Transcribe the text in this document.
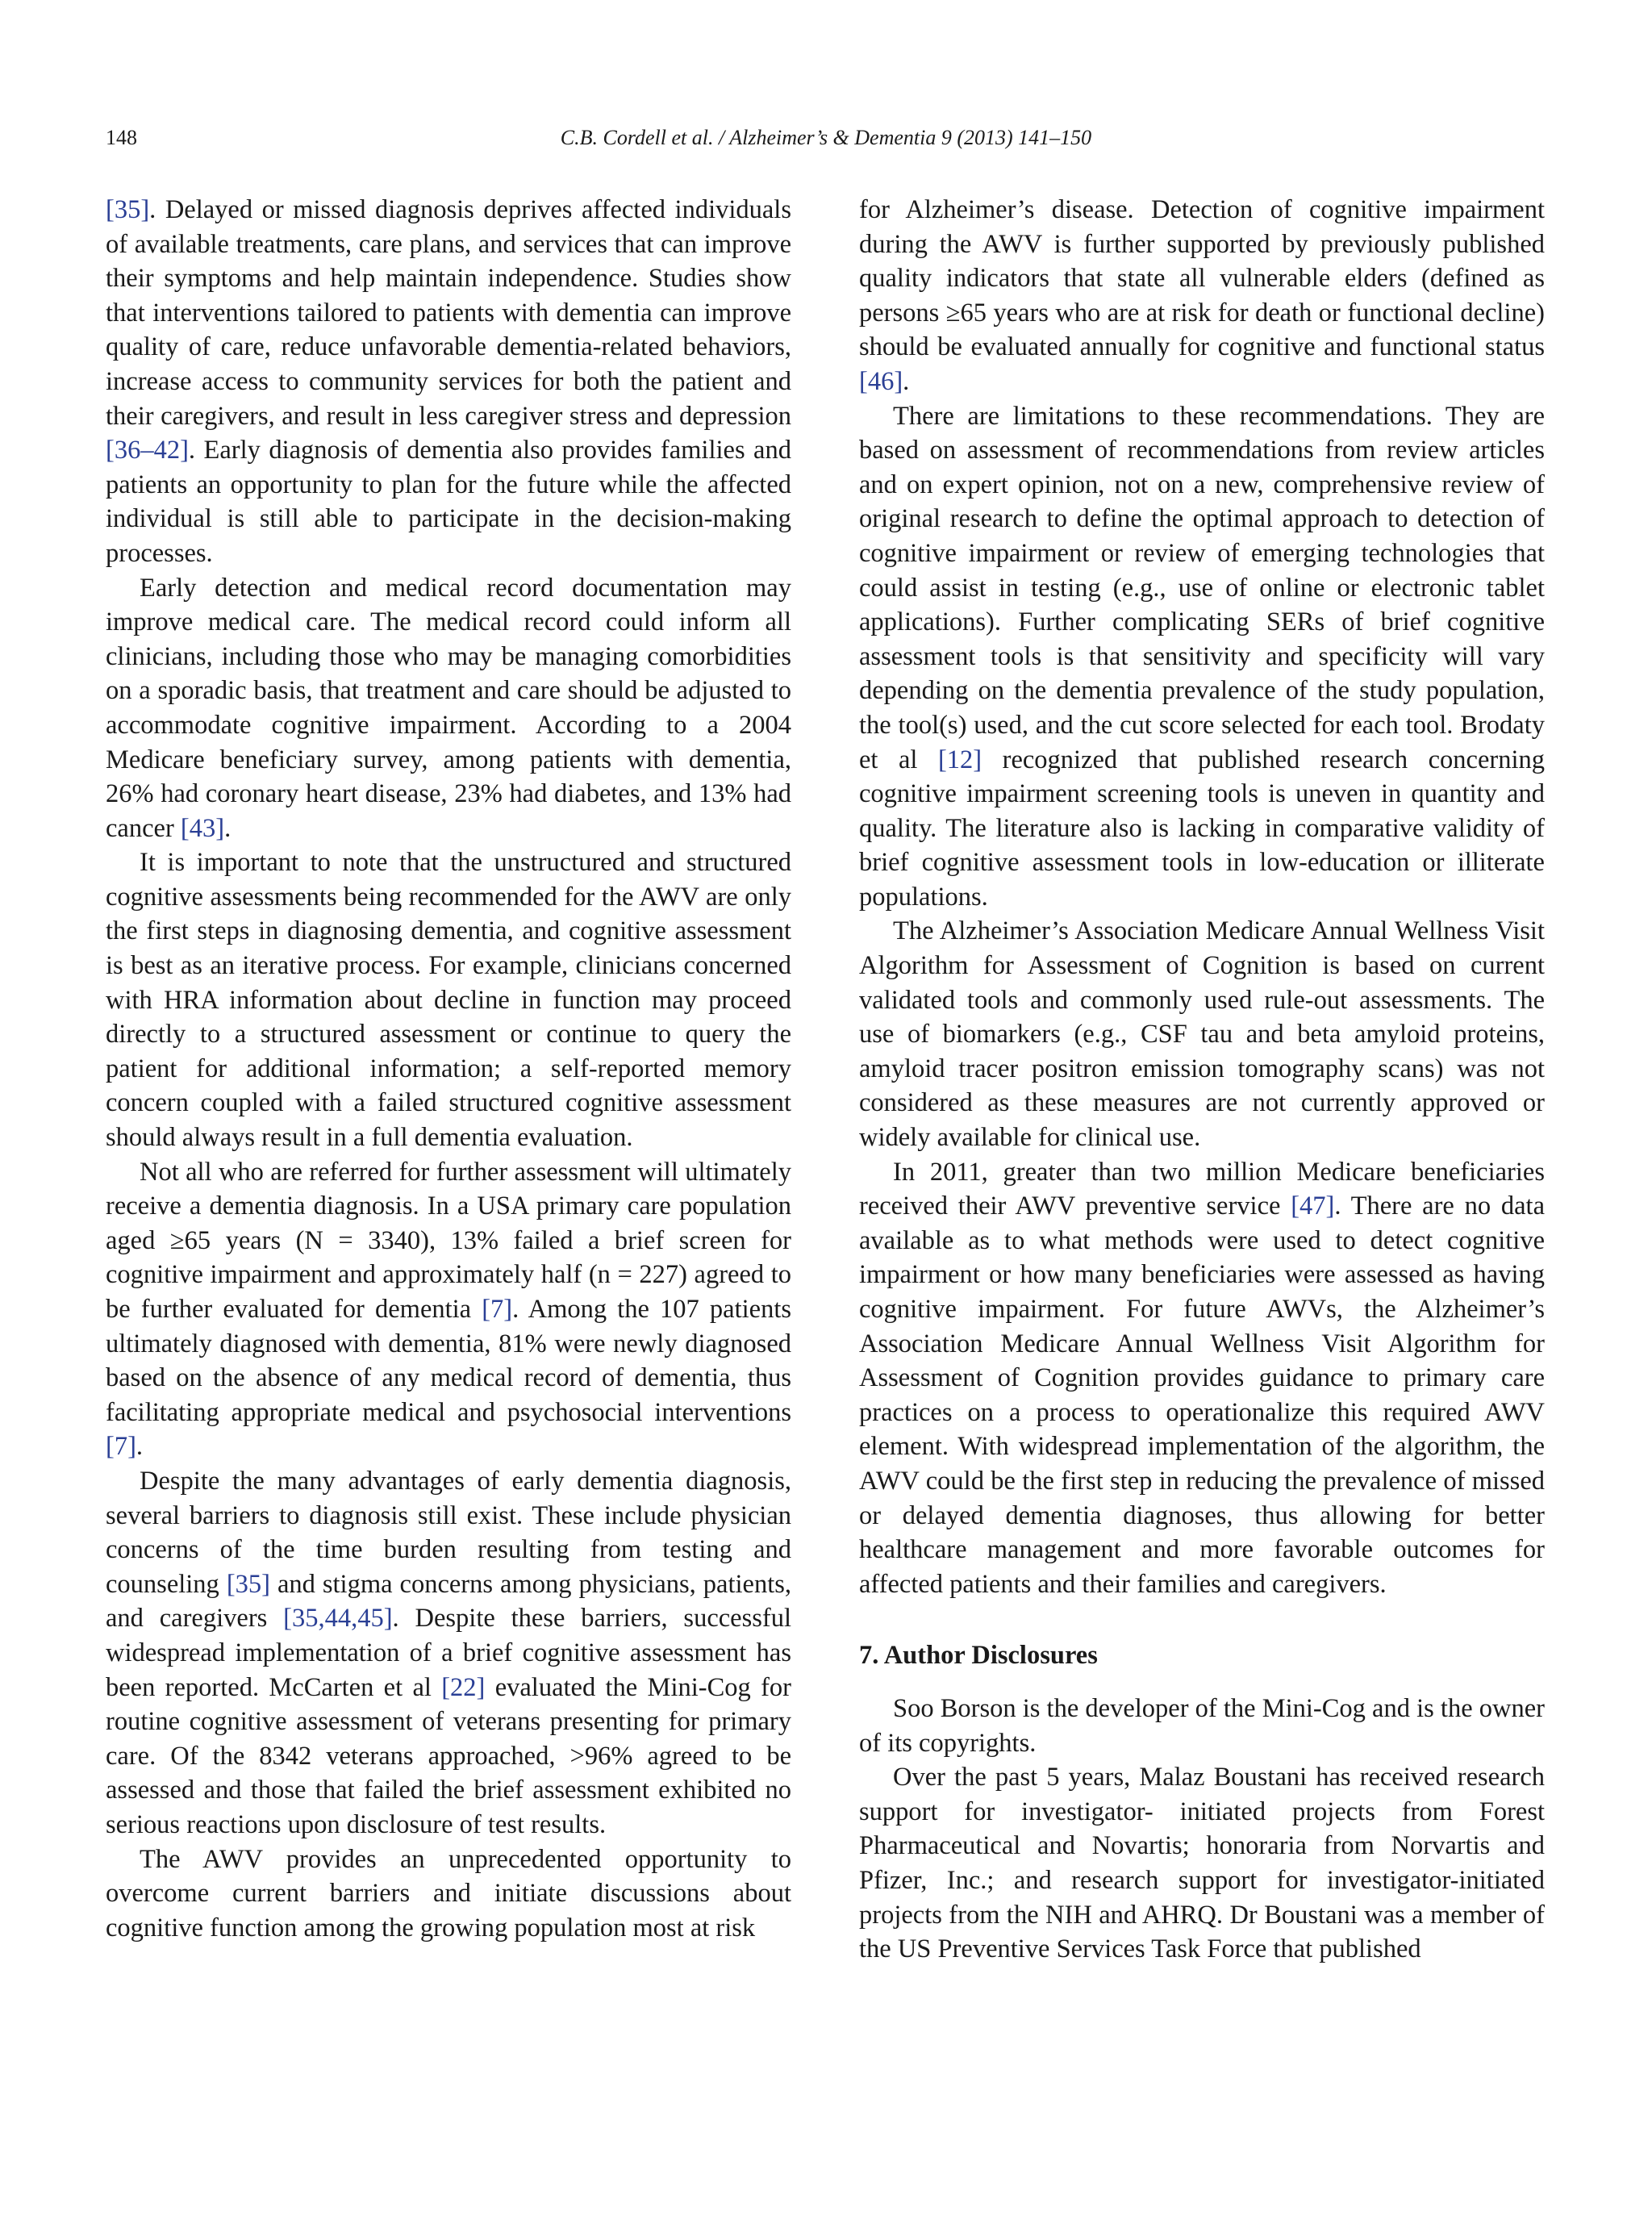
148	C.B. Cordell et al. / Alzheimer’s & Dementia 9 (2013) 141–150

[35]. Delayed or missed diagnosis deprives affected individuals of available treatments, care plans, and services that can improve their symptoms and help maintain independence. Studies show that interventions tailored to patients with dementia can improve quality of care, reduce unfavorable dementia-related behaviors, increase access to community services for both the patient and their caregivers, and result in less caregiver stress and depression [36–42]. Early diagnosis of dementia also provides families and patients an opportunity to plan for the future while the affected individual is still able to participate in the decision-making processes.

Early detection and medical record documentation may improve medical care. The medical record could inform all clinicians, including those who may be managing comorbidities on a sporadic basis, that treatment and care should be adjusted to accommodate cognitive impairment. According to a 2004 Medicare beneficiary survey, among patients with dementia, 26% had coronary heart disease, 23% had diabetes, and 13% had cancer [43].

It is important to note that the unstructured and structured cognitive assessments being recommended for the AWV are only the first steps in diagnosing dementia, and cognitive assessment is best as an iterative process. For example, clinicians concerned with HRA information about decline in function may proceed directly to a structured assessment or continue to query the patient for additional information; a self-reported memory concern coupled with a failed structured cognitive assessment should always result in a full dementia evaluation.

Not all who are referred for further assessment will ultimately receive a dementia diagnosis. In a USA primary care population aged ≥65 years (N = 3340), 13% failed a brief screen for cognitive impairment and approximately half (n = 227) agreed to be further evaluated for dementia [7]. Among the 107 patients ultimately diagnosed with dementia, 81% were newly diagnosed based on the absence of any medical record of dementia, thus facilitating appropriate medical and psychosocial interventions [7].

Despite the many advantages of early dementia diagnosis, several barriers to diagnosis still exist. These include physician concerns of the time burden resulting from testing and counseling [35] and stigma concerns among physicians, patients, and caregivers [35,44,45]. Despite these barriers, successful widespread implementation of a brief cognitive assessment has been reported. McCarten et al [22] evaluated the Mini-Cog for routine cognitive assessment of veterans presenting for primary care. Of the 8342 veterans approached, >96% agreed to be assessed and those that failed the brief assessment exhibited no serious reactions upon disclosure of test results.

The AWV provides an unprecedented opportunity to overcome current barriers and initiate discussions about cognitive function among the growing population most at risk

for Alzheimer’s disease. Detection of cognitive impairment during the AWV is further supported by previously published quality indicators that state all vulnerable elders (defined as persons ≥65 years who are at risk for death or functional decline) should be evaluated annually for cognitive and functional status [46].

There are limitations to these recommendations. They are based on assessment of recommendations from review articles and on expert opinion, not on a new, comprehensive review of original research to define the optimal approach to detection of cognitive impairment or review of emerging technologies that could assist in testing (e.g., use of online or electronic tablet applications). Further complicating SERs of brief cognitive assessment tools is that sensitivity and specificity will vary depending on the dementia prevalence of the study population, the tool(s) used, and the cut score selected for each tool. Brodaty et al [12] recognized that published research concerning cognitive impairment screening tools is uneven in quantity and quality. The literature also is lacking in comparative validity of brief cognitive assessment tools in low-education or illiterate populations.

The Alzheimer’s Association Medicare Annual Wellness Visit Algorithm for Assessment of Cognition is based on current validated tools and commonly used rule-out assessments. The use of biomarkers (e.g., CSF tau and beta amyloid proteins, amyloid tracer positron emission tomography scans) was not considered as these measures are not currently approved or widely available for clinical use.

In 2011, greater than two million Medicare beneficiaries received their AWV preventive service [47]. There are no data available as to what methods were used to detect cognitive impairment or how many beneficiaries were assessed as having cognitive impairment. For future AWVs, the Alzheimer’s Association Medicare Annual Wellness Visit Algorithm for Assessment of Cognition provides guidance to primary care practices on a process to operationalize this required AWV element. With widespread implementation of the algorithm, the AWV could be the first step in reducing the prevalence of missed or delayed dementia diagnoses, thus allowing for better healthcare management and more favorable outcomes for affected patients and their families and caregivers.

7. Author Disclosures

Soo Borson is the developer of the Mini-Cog and is the owner of its copyrights.

Over the past 5 years, Malaz Boustani has received research support for investigator- initiated projects from Forest Pharmaceutical and Novartis; honoraria from Norvartis and Pfizer, Inc.; and research support for investigator-initiated projects from the NIH and AHRQ. Dr Boustani was a member of the US Preventive Services Task Force that published
